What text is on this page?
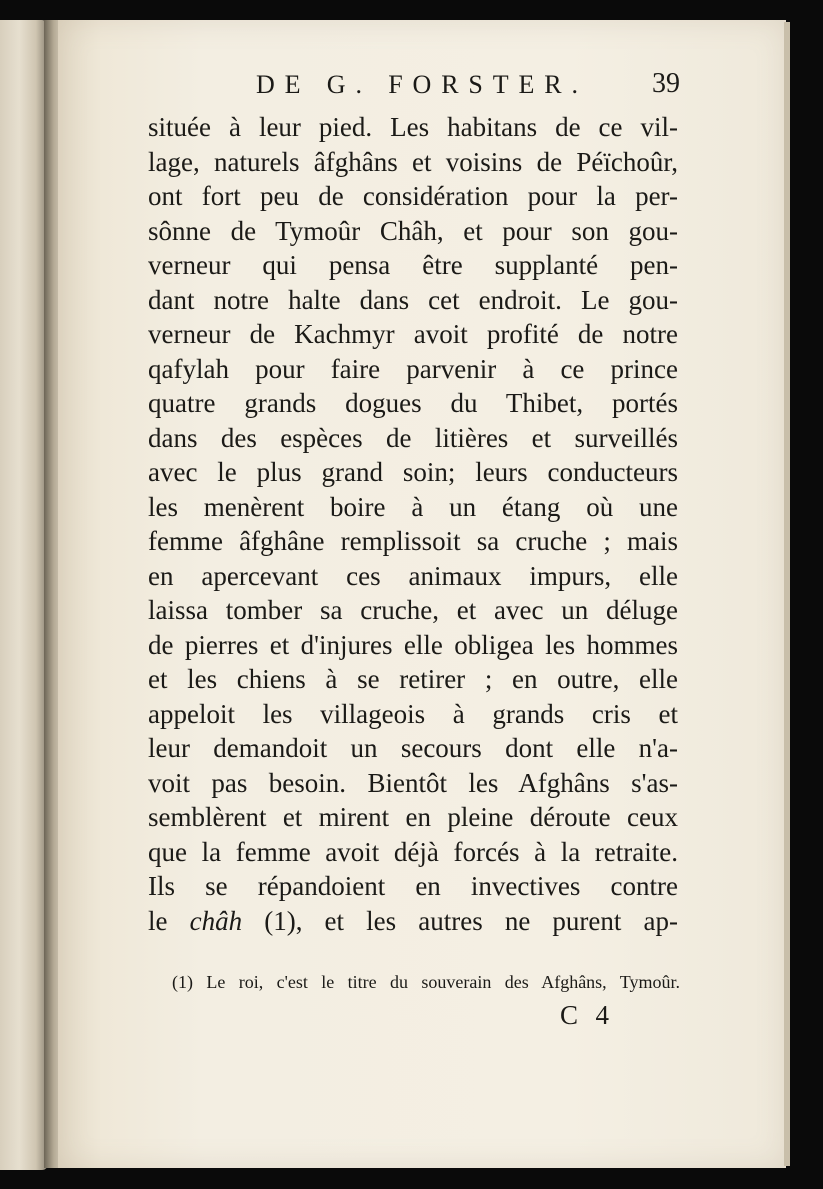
DE G. FORSTER. 39
située à leur pied. Les habitans de ce vil-
lage, naturels âfghâns et voisins de Péïchoûr,
ont fort peu de considération pour la per-
sônne de Tymoûr Châh, et pour son gou-
verneur qui pensa être supplanté pen-
dant notre halte dans cet endroit. Le gou-
verneur de Kachmyr avoit profité de notre
qafylah pour faire parvenir à ce prince
quatre grands dogues du Thibet, portés
dans des espèces de litières et surveillés
avec le plus grand soin; leurs conducteurs
les menèrent boire à un étang où une
femme âfghâne remplissoit sa cruche ; mais
en apercevant ces animaux impurs, elle
laissa tomber sa cruche, et avec un déluge
de pierres et d'injures elle obligea les hommes
et les chiens à se retirer ; en outre, elle
appeloit les villageois à grands cris et
leur demandoit un secours dont elle n'a-
voit pas besoin. Bientôt les Afghâns s'as-
semblèrent et mirent en pleine déroute ceux
que la femme avoit déjà forcés à la retraite.
Ils se répandoient en invectives contre
le châh (1), et les autres ne purent ap-
(1) Le roi, c'est le titre du souverain des Afghâns, Tymoûr.
C 4
